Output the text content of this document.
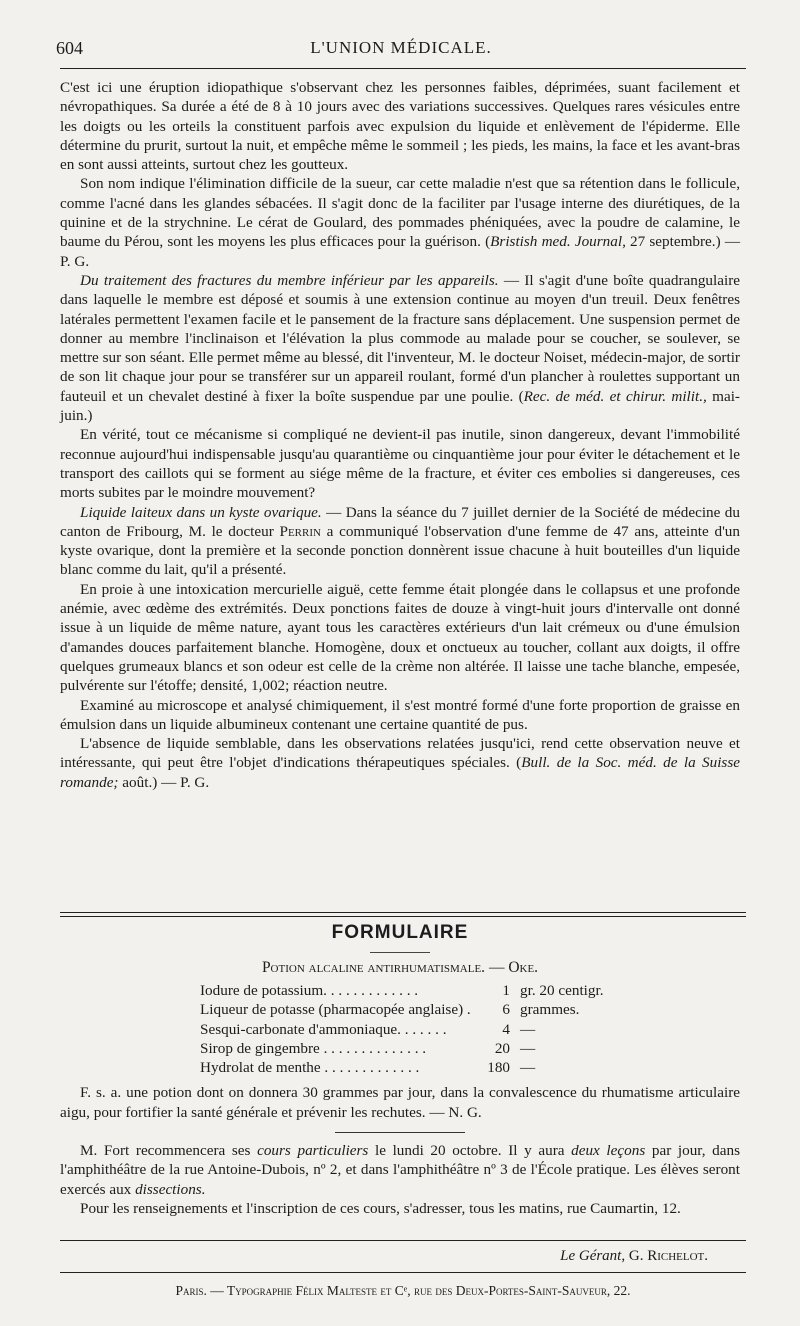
604	L'UNION MÉDICALE.

C'est ici une éruption idiopathique s'observant chez les personnes faibles, déprimées, suant facilement et névropathiques. Sa durée a été de 8 à 10 jours avec des variations successives. Quelques rares vésicules entre les doigts ou les orteils la constituent parfois avec expulsion du liquide et enlèvement de l'épiderme. Elle détermine du prurit, surtout la nuit, et empêche même le sommeil ; les pieds, les mains, la face et les avant-bras en sont aussi atteints, surtout chez les goutteux.

Son nom indique l'élimination difficile de la sueur, car cette maladie n'est que sa rétention dans le follicule, comme l'acné dans les glandes sébacées. Il s'agit donc de la faciliter par l'usage interne des diurétiques, de la quinine et de la strychnine. Le cérat de Goulard, des pommades phéniquées, avec la poudre de calamine, le baume du Pérou, sont les moyens les plus efficaces pour la guérison. (Bristish med. Journal, 27 septembre.) — P. G.

Du traitement des fractures du membre inférieur par les appareils. — Il s'agit d'une boîte quadrangulaire dans laquelle le membre est déposé et soumis à une extension continue au moyen d'un treuil. Deux fenêtres latérales permettent l'examen facile et le pansement de la fracture sans déplacement. Une suspension permet de donner au membre l'inclinaison et l'élévation la plus commode au malade pour se coucher, se soulever, se mettre sur son séant. Elle permet même au blessé, dit l'inventeur, M. le docteur Noiset, médecin-major, de sortir de son lit chaque jour pour se transférer sur un appareil roulant, formé d'un plancher à roulettes supportant un fauteuil et un chevalet destiné à fixer la boîte suspendue par une poulie. (Rec. de méd. et chirur. milit., mai-juin.)

En vérité, tout ce mécanisme si compliqué ne devient-il pas inutile, sinon dangereux, devant l'immobilité reconnue aujourd'hui indispensable jusqu'au quarantième ou cinquantième jour pour éviter le détachement et le transport des caillots qui se forment au siége même de la fracture, et éviter ces embolies si dangereuses, ces morts subites par le moindre mouvement?

Liquide laiteux dans un kyste ovarique. — Dans la séance du 7 juillet dernier de la Société de médecine du canton de Fribourg, M. le docteur Perrin a communiqué l'observation d'une femme de 47 ans, atteinte d'un kyste ovarique, dont la première et la seconde ponction donnèrent issue chacune à huit bouteilles d'un liquide blanc comme du lait, qu'il a présenté.

En proie à une intoxication mercurielle aiguë, cette femme était plongée dans le collapsus et une profonde anémie, avec œdème des extrémités. Deux ponctions faites de douze à vingt-huit jours d'intervalle ont donné issue à un liquide de même nature, ayant tous les caractères extérieurs d'un lait crémeux ou d'une émulsion d'amandes douces parfaitement blanche. Homogène, doux et onctueux au toucher, collant aux doigts, il offre quelques grumeaux blancs et son odeur est celle de la crème non altérée. Il laisse une tache blanche, empesée, pulvérente sur l'étoffe; densité, 1,002; réaction neutre.

Examiné au microscope et analysé chimiquement, il s'est montré formé d'une forte proportion de graisse en émulsion dans un liquide albumineux contenant une certaine quantité de pus.

L'absence de liquide semblable, dans les observations relatées jusqu'ici, rend cette observation neuve et intéressante, qui peut être l'objet d'indications thérapeutiques spéciales. (Bull. de la Soc. méd. de la Suisse romande; août.) — P. G.

FORMULAIRE
Potion alcaline antirhumatismale. — Oke.
Iodure de potassium. . . . . . . . . . . . .	1 gr. 20 centigr.
Liqueur de potasse (pharmacopée anglaise) .	6 grammes.
Sesqui-carbonate d'ammoniaque. . . . . . .	4 —
Sirop de gingembre . . . . . . . . . . . . . .	20 —
Hydrolat de menthe . . . . . . . . . . . . .	180 —

F. s. a. une potion dont on donnera 30 grammes par jour, dans la convalescence du rhumatisme articulaire aigu, pour fortifier la santé générale et prévenir les rechutes. — N. G.

M. Fort recommencera ses cours particuliers le lundi 20 octobre. Il y aura deux leçons par jour, dans l'amphithéâtre de la rue Antoine-Dubois, nº 2, et dans l'amphithéâtre nº 3 de l'École pratique. Les élèves seront exercés aux dissections.

Pour les renseignements et l'inscription de ces cours, s'adresser, tous les matins, rue Caumartin, 12.

Le Gérant, G. Richelot.
Paris. — Typographie Félix Malteste et Cᵉ, rue des Deux-Portes-Saint-Sauveur, 22.
